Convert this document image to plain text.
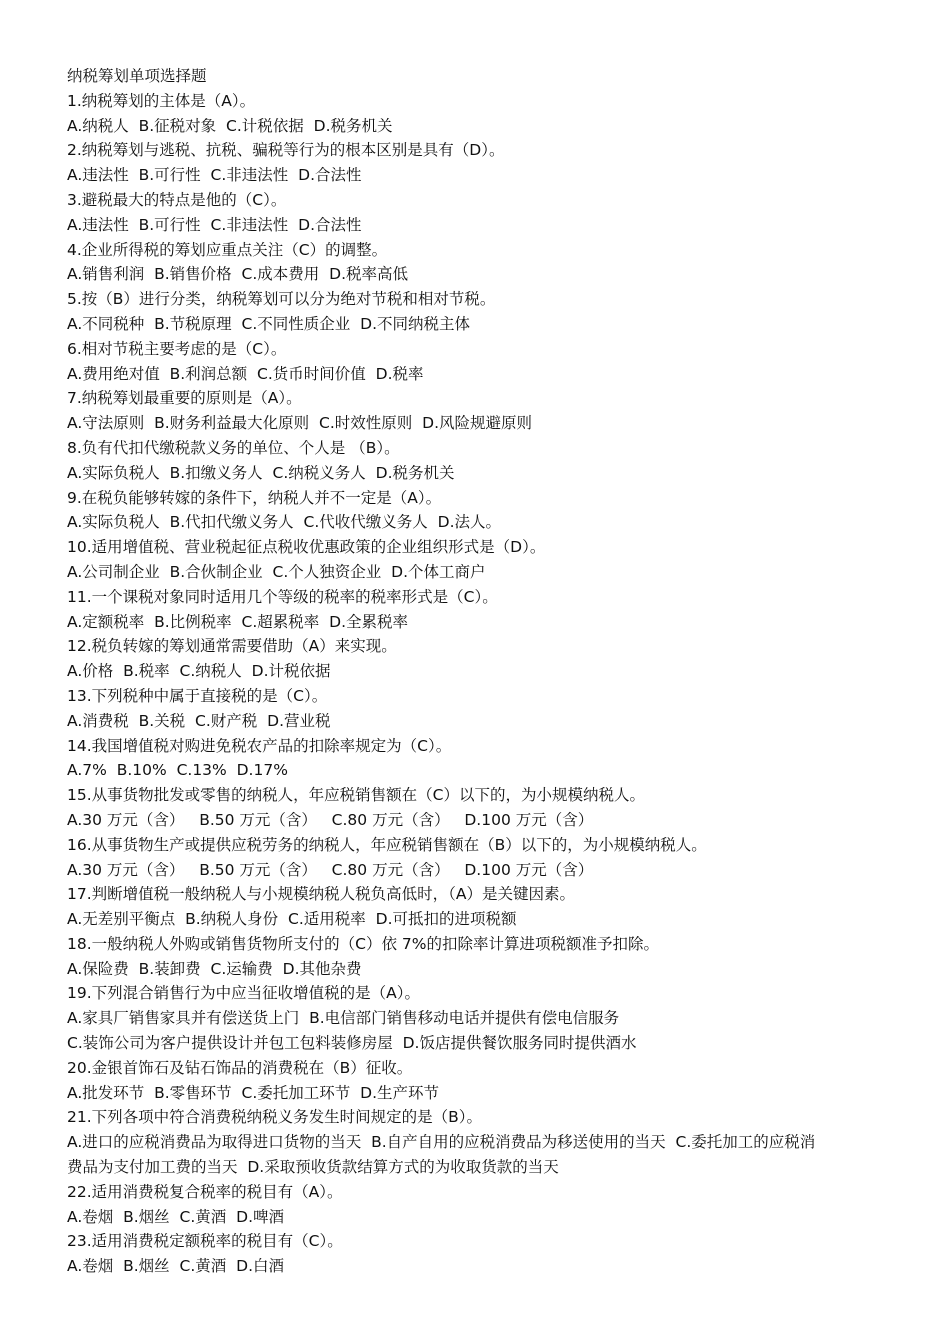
纳税筹划单项选择题
1.纳税筹划的主体是（A）。
A.纳税人  B.征税对象  C.计税依据  D.税务机关
2.纳税筹划与逃税、抗税、骗税等行为的根本区别是具有（D）。
A.违法性  B.可行性  C.非违法性  D.合法性
3.避税最大的特点是他的（C）。
A.违法性  B.可行性  C.非违法性  D.合法性
4.企业所得税的筹划应重点关注（C）的调整。
A.销售利润  B.销售价格  C.成本费用  D.税率高低
5.按（B）进行分类，纳税筹划可以分为绝对节税和相对节税。
A.不同税种  B.节税原理  C.不同性质企业  D.不同纳税主体
6.相对节税主要考虑的是（C）。
A.费用绝对值  B.利润总额  C.货币时间价值  D.税率
7.纳税筹划最重要的原则是（A）。
A.守法原则  B.财务利益最大化原则  C.时效性原则  D.风险规避原则
8.负有代扣代缴税款义务的单位、个人是 （B）。
A.实际负税人  B.扣缴义务人  C.纳税义务人  D.税务机关
9.在税负能够转嫁的条件下，纳税人并不一定是（A）。
A.实际负税人  B.代扣代缴义务人  C.代收代缴义务人  D.法人。
10.适用增值税、营业税起征点税收优惠政策的企业组织形式是（D）。
A.公司制企业  B.合伙制企业  C.个人独资企业  D.个体工商户
11.一个课税对象同时适用几个等级的税率的税率形式是（C）。
A.定额税率  B.比例税率  C.超累税率  D.全累税率
12.税负转嫁的筹划通常需要借助（A）来实现。
A.价格  B.税率  C.纳税人  D.计税依据
13.下列税种中属于直接税的是（C）。
A.消费税  B.关税  C.财产税  D.营业税
14.我国增值税对购进免税农产品的扣除率规定为（C）。
A.7%  B.10%  C.13%  D.17%
15.从事货物批发或零售的纳税人，年应税销售额在（C）以下的，为小规模纳税人。
A.30 万元（含）   B.50 万元（含）   C.80 万元（含）   D.100 万元（含）
16.从事货物生产或提供应税劳务的纳税人，年应税销售额在（B）以下的，为小规模纳税人。
A.30 万元（含）   B.50 万元（含）   C.80 万元（含）   D.100 万元（含）
17.判断增值税一般纳税人与小规模纳税人税负高低时，（A）是关键因素。
A.无差别平衡点  B.纳税人身份  C.适用税率  D.可抵扣的进项税额
18.一般纳税人外购或销售货物所支付的（C）依 7%的扣除率计算进项税额准予扣除。
A.保险费  B.装卸费  C.运输费  D.其他杂费
19.下列混合销售行为中应当征收增值税的是（A）。
A.家具厂销售家具并有偿送货上门  B.电信部门销售移动电话并提供有偿电信服务
C.装饰公司为客户提供设计并包工包料装修房屋  D.饭店提供餐饮服务同时提供酒水
20.金银首饰石及钻石饰品的消费税在（B）征收。
A.批发环节  B.零售环节  C.委托加工环节  D.生产环节
21.下列各项中符合消费税纳税义务发生时间规定的是（B）。
A.进口的应税消费品为取得进口货物的当天  B.自产自用的应税消费品为移送使用的当天  C.委托加工的应税消
费品为支付加工费的当天  D.采取预收货款结算方式的为收取货款的当天
22.适用消费税复合税率的税目有（A）。
A.卷烟  B.烟丝  C.黄酒  D.啤酒
23.适用消费税定额税率的税目有（C）。
A.卷烟  B.烟丝  C.黄酒  D.白酒
